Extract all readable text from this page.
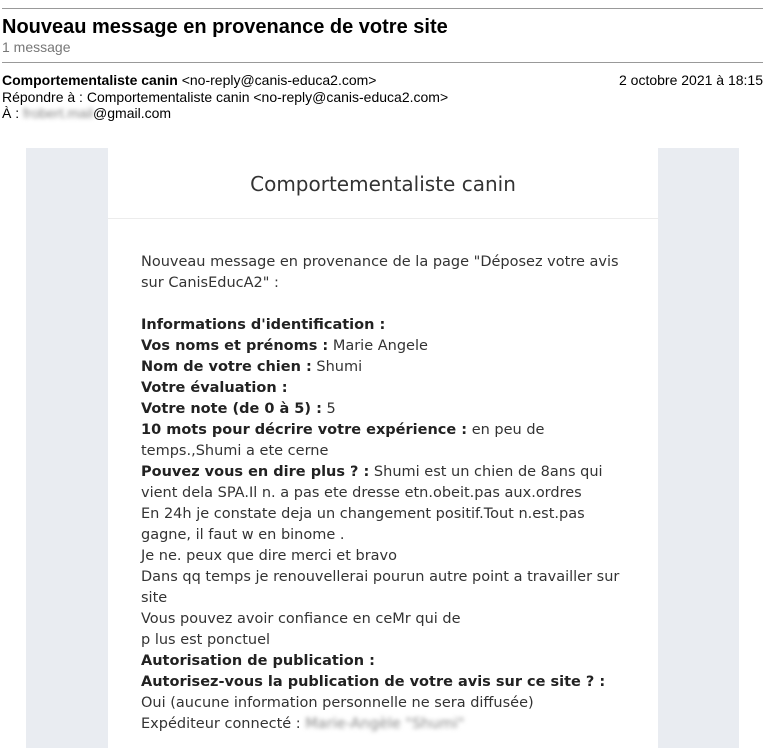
Nouveau message en provenance de votre site
1 message
Comportementaliste canin <no-reply@canis-educa2.com>	2 octobre 2021 à 18:15
Répondre à : Comportementaliste canin <no-reply@canis-educa2.com>
À : frobert.mail@gmail.com
Comportementaliste canin

Nouveau message en provenance de la page "Déposez votre avis sur CanisEducA2" :

Informations d'identification :

Vos noms et prénoms : Marie Angele

Nom de votre chien : Shumi

Votre évaluation :

Votre note (de 0 à 5) : 5

10 mots pour décrire votre expérience : en peu de temps.,Shumi a ete cerne

Pouvez vous en dire plus ? : Shumi est un chien de 8ans qui vient dela SPA.Il n. a pas ete dresse etn.obeit.pas aux.ordres

En 24h je constate deja un changement positif.Tout n.est.pas gagne, il faut w en binome .

Je ne. peux que dire merci et bravo

Dans qq temps je renouvellerai pourun autre point a travailler sur site

Vous pouvez avoir confiance en ceMr qui de

p lus est ponctuel

Autorisation de publication :

Autorisez-vous la publication de votre avis sur ce site ? : Oui (aucune information personnelle ne sera diffusée)

Expéditeur connecté : Marie-Angèle "Shumi"
